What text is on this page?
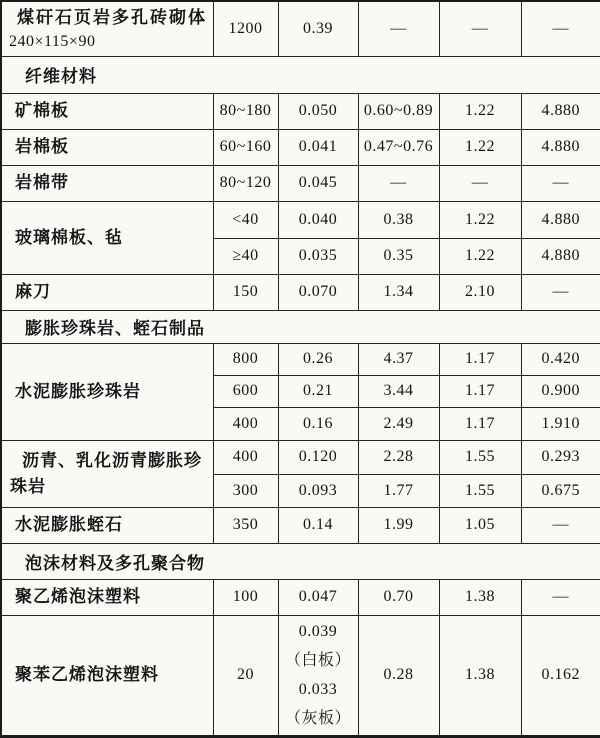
煤矸石页岩多孔砖砌体
240×115×90	1200	0.39	—	—	—
纤维材料					
矿棉板	80~180	0.050	0.60~0.89	1.22	4.880
岩棉板	60~160	0.041	0.47~0.76	1.22	4.880
岩棉带	80~120	0.045	—	—	—
玻璃棉板、毡	<40	0.040	0.38	1.22	4.880
	≥40	0.035	0.35	1.22	4.880
麻刀	150	0.070	1.34	2.10	—
膨胀珍珠岩、蛭石制品					
水泥膨胀珍珠岩	800	0.26	4.37	1.17	0.420
	600	0.21	3.44	1.17	0.900
	400	0.16	2.49	1.17	1.910
沥青、乳化沥青膨胀珍珠岩	400	0.120	2.28	1.55	0.293
	300	0.093	1.77	1.55	0.675
水泥膨胀蛭石	350	0.14	1.99	1.05	—
泡沫材料及多孔聚合物					
聚乙烯泡沫塑料	100	0.047	0.70	1.38	—
聚苯乙烯泡沫塑料	20	0.039
（白板）
0.033
（灰板）	0.28	1.38	0.162
